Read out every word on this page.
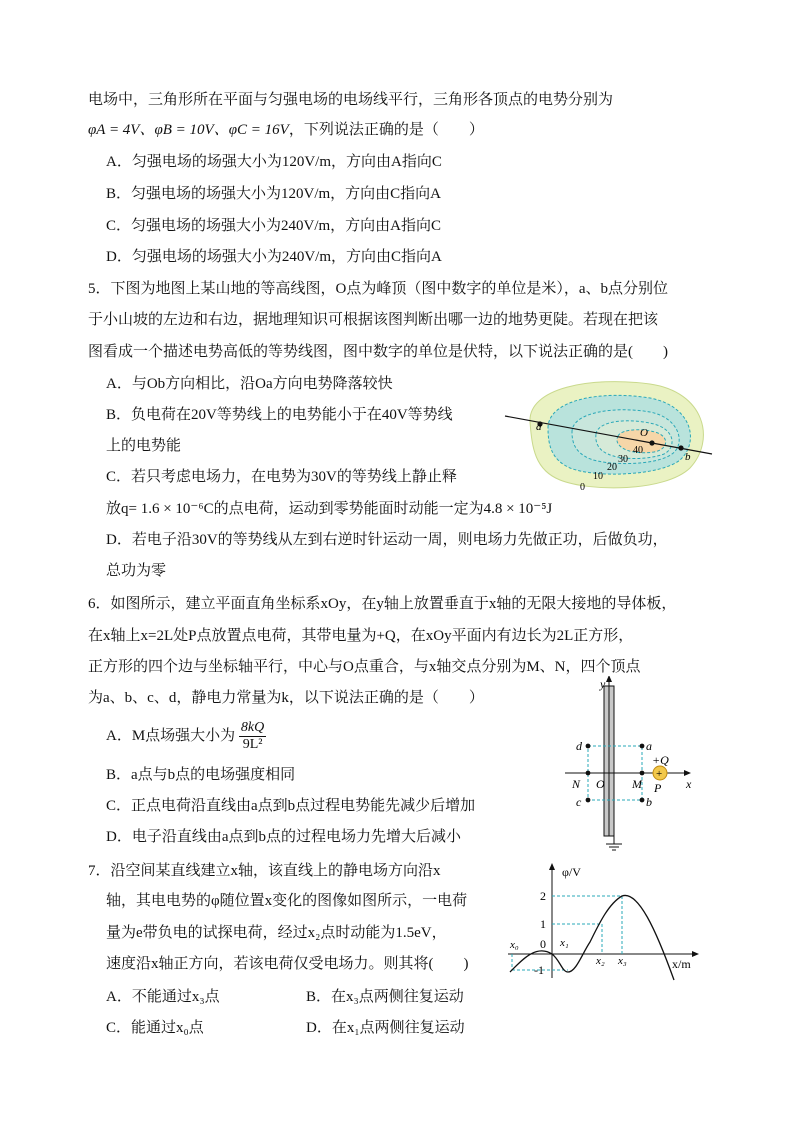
电场中，三角形所在平面与匀强电场的电场线平行，三角形各顶点的电势分别为
φA = 4V、φB = 10V、φC = 16V，下列说法正确的是（　　）
A．匀强电场的场强大小为120V/m，方向由A指向C
B．匀强电场的场强大小为120V/m，方向由C指向A
C．匀强电场的场强大小为240V/m，方向由A指向C
D．匀强电场的场强大小为240V/m，方向由C指向A
5．下图为地图上某山地的等高线图，O点为峰顶（图中数字的单位是米），a、b点分别位
于小山坡的左边和右边，据地理知识可根据该图判断出哪一边的地势更陡。若现在把该
图看成一个描述电势高低的等势线图，图中数字的单位是伏特，以下说法正确的是(　　)
A．与Ob方向相比，沿Oa方向电势降落较快
B．负电荷在20V等势线上的电势能小于在40V等势线
上的电势能
C．若只考虑电场力，在电势为30V的等势线上静止释
放q= 1.6 × 10⁻⁶C的点电荷，运动到零势能面时动能一定为4.8 × 10⁻⁵J
D．若电子沿30V的等势线从左到右逆时针运动一周，则电场力先做正功，后做负功，
总功为零
a	O
b
40
30
20
10
0
6．如图所示，建立平面直角坐标系xOy，在y轴上放置垂直于x轴的无限大接地的导体板，
在x轴上x=2L处P点放置点电荷，其带电量为+Q，在xOy平面内有边长为2L正方形，
正方形的四个边与坐标轴平行，中心与O点重合，与x轴交点分别为M、N，四个顶点
为a、b、c、d，静电力常量为k，以下说法正确的是（　　）
A．M点场强大小为 $\frac{8kQ}{\text{9L²}}$
B．a点与b点的电场强度相同
C．正点电荷沿直线由a点到b点过程电势能先减少后增加
D．电子沿直线由a点到b点的过程电场力先增大后减小
+
y
x
a
b
c
d
O M
N	P
+Q
7．沿空间某直线建立x轴，该直线上的静电场方向沿x
轴，其电电势的φ随位置x变化的图像如图所示，一电荷
量为e带负电的试探电荷，经过x₂点时动能为1.5eV，
速度沿x轴正方向，若该电荷仅受电场力。则其将(　　)
A．不能通过x₃点	B．在x₃点两侧往复运动
C．能通过x₀点	D．在x₁点两侧往复运动
φ/V
x/m
2
1
-1
0
x₀	x₁
x₂ x₃
